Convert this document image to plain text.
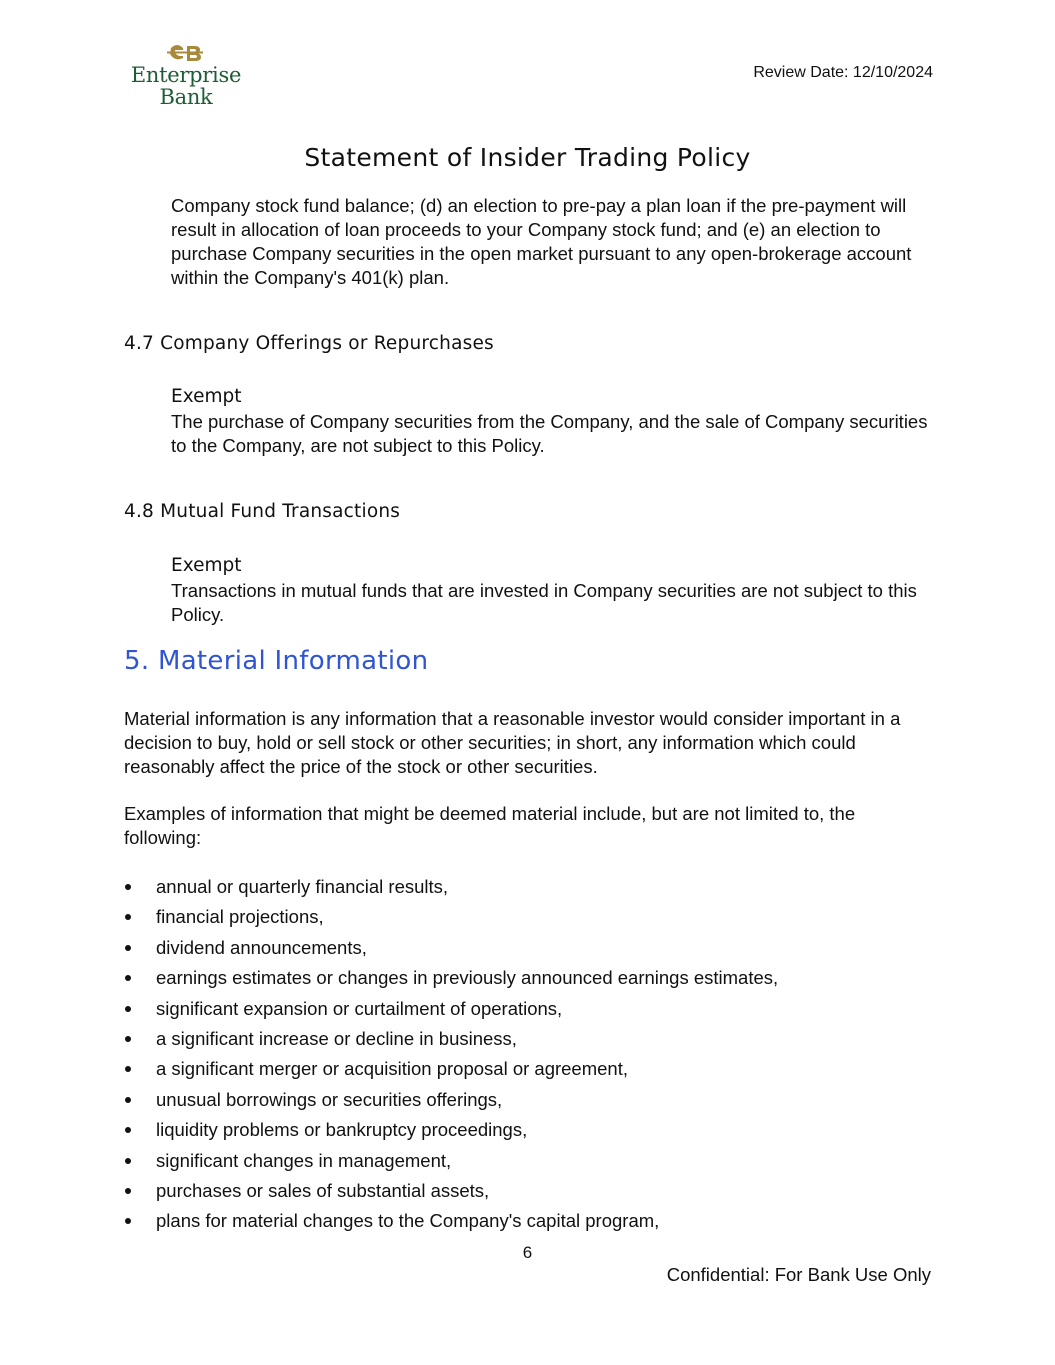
Enterprise
Bank
Review Date: 12/10/2024
Statement of Insider Trading Policy
Company stock fund balance; (d) an election to pre-pay a plan loan if the pre-payment will result in allocation of loan proceeds to your Company stock fund; and (e) an election to purchase Company securities in the open market pursuant to any open-brokerage account within the Company's 401(k) plan.
4.7 Company Offerings or Repurchases
Exempt
The purchase of Company securities from the Company, and the sale of Company securities to the Company, are not subject to this Policy.
4.8 Mutual Fund Transactions
Exempt
Transactions in mutual funds that are invested in Company securities are not subject to this Policy.
5. Material Information
Material information is any information that a reasonable investor would consider important in a decision to buy, hold or sell stock or other securities; in short, any information which could reasonably affect the price of the stock or other securities.
Examples of information that might be deemed material include, but are not limited to, the following:
annual or quarterly financial results,
financial projections,
dividend announcements,
earnings estimates or changes in previously announced earnings estimates,
significant expansion or curtailment of operations,
a significant increase or decline in business,
a significant merger or acquisition proposal or agreement,
unusual borrowings or securities offerings,
liquidity problems or bankruptcy proceedings,
significant changes in management,
purchases or sales of substantial assets,
plans for material changes to the Company's capital program,
6
Confidential: For Bank Use Only
